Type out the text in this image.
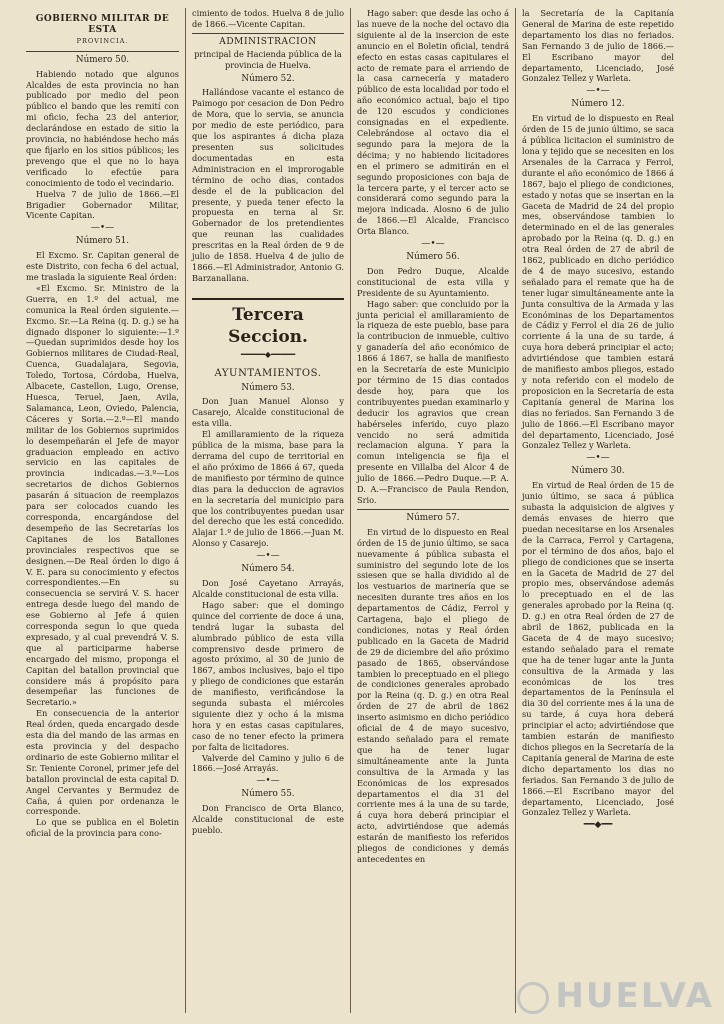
GOBIERNO MILITAR DE ESTA
PROVINCIA.
Número 50.

Habiendo notado que algunos Alcaldes de esta provincia no han publicado por medio del peon público el bando que les remití con mi oficio, fecha 23 del anterior, declarándose en estado de sitio la provincia, no habiéndose hecho más que fijarlo en los sitios públicos; les prevengo que el que no lo haya verificado lo efectúe para conocimiento de todo el vecindario.

Huelva 7 de julio de 1866.—El Brigadier Gobernador Militar, Vicente Capitan.

—•—
Número 51.

El Excmo. Sr. Capitan general de este Distrito, con fecha 6 del actual, me traslada la siguiente Real órden:

«El Excmo. Sr. Ministro de la Guerra, en 1.º del actual, me comunica la Real órden siguiente.—Excmo. Sr.—La Reina (q. D. g.) se ha dignado disponer lo siguiente:—1.º—Quedan suprimidos desde hoy los Gobiernos militares de Ciudad-Real, Cuenca, Guadalajara, Segovia, Toledo, Tortosa, Córdoba, Huelva, Albacete, Castellon, Lugo, Orense, Huesca, Teruel, Jaen, Avila, Salamanca, Leon, Oviedo, Palencia, Cáceres y Soria.—2.º—El mando militar de los Gobiernos suprimidos lo desempeñarán el Jefe de mayor graduacion empleado en activo servicio en las capitales de provincia indicadas.—3.º—Los secretarios de dichos Gobiernos pasarán á situacion de reemplazos para ser colocados cuando les corresponda, encargándose del desempeño de las Secretarías los Capitanes de los Batallones provinciales respectivos que se designen.—De Real órden lo digo á V. E. para su conocimiento y efectos correspondientes.—En su consecuencia se servirá V. S. hacer entrega desde luego del mando de ese Gobierno al Jefe á quien corresponda segun lo que queda expresado, y al cual prevendrá V. S. que al participarme haberse encargado del mismo, proponga el Capitan del batallon provincial que considere más á propósito para desempeñar las funciones de Secretario.»

En consecuencia de la anterior Real órden, queda encargado desde esta dia del mando de las armas en esta provincia y del despacho ordinario de este Gobierno militar el Sr. Teniente Coronel, primer jefe del batallon provincial de esta capital D. Angel Cervantes y Bermudez de Caña, á quien por ordenanza le corresponde.

Lo que se publica en el Boletin oficial de la provincia para cono-

cimiento de todos. Huelva 8 de julio de 1866.—Vicente Capitan.

ADMINISTRACION
principal de Hacienda pública de la provincia de Huelva.
Número 52.

Hallándose vacante el estanco de Paimogo por cesacion de Don Pedro de Mora, que lo servia, se anuncia por medio de este periódico, para que los aspirantes á dicha plaza presenten sus solicitudes documentadas en esta Administracion en el improrogable término de ocho dias, contados desde el de la publicacion del presente, y pueda tener efecto la propuesta en terna al Sr. Gobernador de los pretendientes que reunan las cualidades prescritas en la Real órden de 9 de julio de 1858. Huelva 4 de julio de 1866.—El Administrador, Antonio G. Barzanallana.

Tercera Seccion.
━━━━━◆━━━━━
AYUNTAMIENTOS.
Número 53.

Don Juan Manuel Alonso y Casarejo, Alcalde constitucional de esta villa.

El amillaramiento de la riqueza pública de la misma, base para la derrama del cupo de territorial en el año próximo de 1866 á 67, queda de manifiesto por término de quince dias para la deduccion de agravios en la secretaría del municipio para que los contribuyentes puedan usar del derecho que les está concedido. Alajar 1.º de julio de 1866.—Juan M. Alonso y Casarejo.

—•—
Número 54.

Don José Cayetano Arrayás, Alcalde constitucional de esta villa.

Hago saber: que el domingo quince del corriente de doce á una, tendrá lugar la subasta del alumbrado público de esta villa comprensivo desde primero de agosto próximo, al 30 de junio de 1867, ambos inclusives, bajo el tipo y pliego de condiciones que estarán de manifiesto, verificándose la segunda subasta el miércoles siguiente diez y ocho á la misma hora y en estas casas capitulares, caso de no tener efecto la primera por falta de licitadores.

Valverde del Camino y julio 6 de 1866.—José Arrayás.

—•—
Número 55.

Don Francisco de Orta Blanco, Alcalde constitucional de este pueblo.

Hago saber: que desde las ocho á las nueve de la noche del octavo dia siguiente al de la insercion de este anuncio en el Boletin oficial, tendrá efecto en estas casas capitulares el acto de remate para el arriendo de la casa carnecería y matadero público de esta localidad por todo el año económico actual, bajo el tipo de 120 escudos y condiciones consignadas en el expediente. Celebrándose al octavo dia el segundo para la mejora de la décima; y no habiendo licitadores en el primero se admitirán en el segundo proposiciones con baja de la tercera parte, y el tercer acto se considerará como segundo para la mejora indicada. Alosno 6 de julio de 1866.—El Alcalde, Francisco Orta Blanco.

—•—
Número 56.

Don Pedro Duque, Alcalde constitucional de esta villa y Presidente de su Ayuntamiento.

Hago saber: que concluido por la junta pericial el amillaramiento de la riqueza de este pueblo, base para la contribucion de inmueble, cultivo y ganadería del año económico de 1866 á 1867, se halla de manifiesto en la Secretaría de este Municipio por término de 15 dias contados desde hoy, para que los contribuyentes puedan examinarlo y deducir los agravios que crean habérseles inferido, cuyo plazo vencido no será admitida reclamacion alguna. Y para la comun inteligencia se fija el presente en Villalba del Alcor 4 de julio de 1866.—Pedro Duque.—P. A. D. A.—Francisco de Paula Rendon, Srio.

Número 57.

En virtud de lo dispuesto en Real órden de 15 de junio último, se saca nuevamente á pública subasta el suministro del segundo lote de los ssiesen que se halla dividido al de los vestuarios de marinería que se necesiten durante tres años en los departamentos de Cádiz, Ferrol y Cartagena, bajo el pliego de condiciones, notas y Real órden publicado en la Gaceta de Madrid de 29 de diciembre del año próximo pasado de 1865, observándose tambien lo preceptuado en el pliego de condiciones generales aprobado por la Reina (q. D. g.) en otra Real órden de 27 de abril de 1862 inserto asimismo en dicho periódico oficial de 4 de mayo sucesivo, estando señalado para el remate que ha de tener lugar simultáneamente ante la Junta consultiva de la Armada y las Económicas de los expresados departamentos el dia 31 del corriente mes á la una de su tarde, á cuya hora deberá principiar el acto, advirtiéndose que además estarán de manifiesto los referidos pliegos de condiciones y demás antecedentes en

la Secretaría de la Capitanía General de Marina de este repetido departamento los dias no feriados. San Fernando 3 de julio de 1866.—El Escribano mayor del departamento, Licenciado, José Gonzalez Tellez y Warleta.

—•—
Número 12.

En virtud de lo dispuesto en Real órden de 15 de junio último, se saca á pública licitacion el suministro de lona y tejido que se necesiten en los Arsenales de la Carraca y Ferrol, durante el año económico de 1866 á 1867, bajo el pliego de condiciones, estado y notas que se insertan en la Gaceta de Madrid de 24 del propio mes, observándose tambien lo determinado en el de las generales aprobado por la Reina (q. D. g.) en otra Real órden de 27 de abril de 1862, publicado en dicho periódico de 4 de mayo sucesivo, estando señalado para el remate que ha de tener lugar simultáneamente ante la Junta consultiva de la Armada y las Económinas de los Departamentos de Cádiz y Ferrol el dia 26 de julio corriente á la una de su tarde, á cuya hora deberá principiar el acto; advirtiéndose que tambien estará de manifiesto ambos pliegos, estado y nota referido con el modelo de proposicion en la Secretaría de esta Capitanía general de Marina los dias no feriados. San Fernando 3 de julio de 1866.—El Escribano mayor del departamento, Licenciado, José Gonzalez Tellez y Warleta.

—•—
Número 30.

En virtud de Real órden de 15 de junio último, se saca á pública subasta la adquisicion de algives y demás envases de hierro que puedan necesitarse en los Arsenales de la Carraca, Ferrol y Cartagena, por el término de dos años, bajo el pliego de condiciones que se inserta en la Gaceta de Madrid de 27 del propio mes, observándose además lo preceptuado en el de las generales aprobado por la Reina (q. D. g.) en otra Real órden de 27 de abril de 1862, publicada en la Gaceta de 4 de mayo sucesivo; estando señalado para el remate que ha de tener lugar ante la Junta consultiva de la Armada y las económicas de los tres departamentos de la Península el dia 30 del corriente mes á la una de su tarde, á cuya hora deberá principiar el acto; advirtiéndose que tambien estarán de manifiesto dichos pliegos en la Secretaría de la Capitanía general de Marina de este dicho departamento los dias no feriados. San Fernando 3 de julio de 1866.—El Escribano mayor del departamento, Licenciado, José Gonzalez Tellez y Warleta.

━━◆━━
HUELVA
